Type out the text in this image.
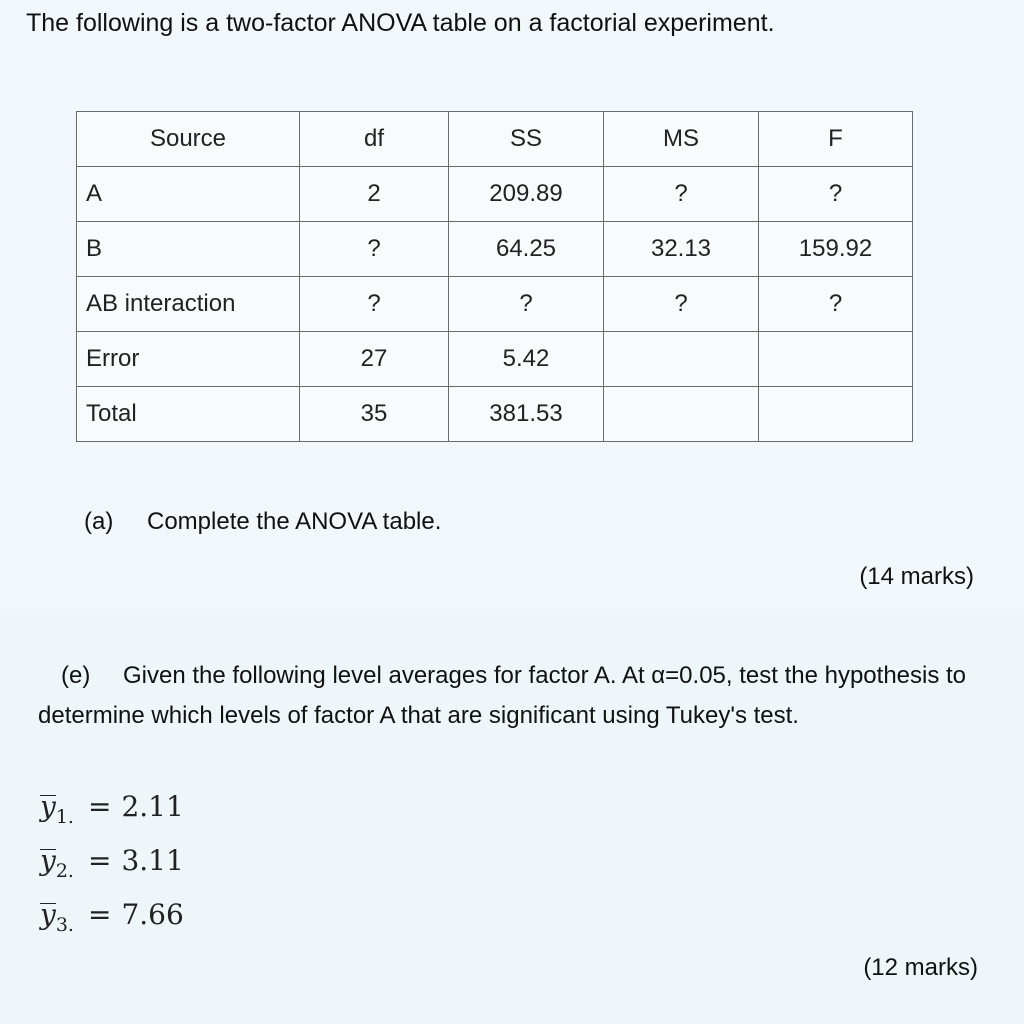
The following is a two-factor ANOVA table on a factorial experiment.
Source	df	SS	MS	F
A	2	209.89	?	?
B	?	64.25	32.13	159.92
AB interaction	?	?	?	?
Error	27	5.42		
Total	35	381.53		
(a) Complete the ANOVA table.
(14 marks)
(e) Given the following level averages for factor A. At α=0.05, test the hypothesis to determine which levels of factor A that are significant using Tukey's test.
$y_{1.} = 2.11$
$y_{2.} = 3.11$
$y_{3.} = 7.66$
(12 marks)
